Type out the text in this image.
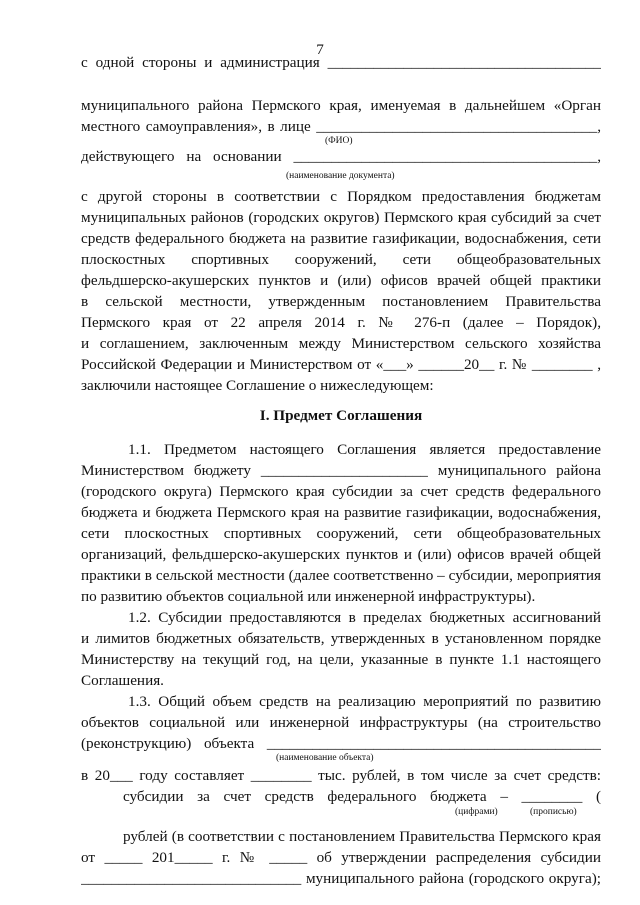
7
с одной стороны и администрация ____________________________________
муниципального района Пермского края, именуемая в дальнейшем «Орган
местного самоуправления», в лице _____________________________________,
(ФИО)
действующего на основании ________________________________________,
(наименование документа)
с другой стороны в соответствии с Порядком предоставления бюджетам
муниципальных районов (городских округов) Пермского края субсидий за счет
средств федерального бюджета на развитие газификации, водоснабжения, сети
плоскостных спортивных сооружений, сети общеобразовательных
фельдшерско-акушерских пунктов и (или) офисов врачей общей практики
в сельской местности, утвержденным постановлением Правительства
Пермского края от 22 апреля 2014 г. № 276-п (далее – Порядок),
и соглашением, заключенным между Министерством сельского хозяйства
Российской Федерации и Министерством от «___» ______20__ г. № ________ ,
заключили настоящее Соглашение о нижеследующем:
I. Предмет Соглашения
1.1. Предметом настоящего Соглашения является предоставление
Министерством бюджету ______________________ муниципального района
(городского округа) Пермского края субсидии за счет средств федерального
бюджета и бюджета Пермского края на развитие газификации, водоснабжения,
сети плоскостных спортивных сооружений, сети общеобразовательных
организаций, фельдшерско-акушерских пунктов и (или) офисов врачей общей
практики в сельской местности (далее соответственно – субсидии, мероприятия
по развитию объектов социальной или инженерной инфраструктуры).
1.2. Субсидии предоставляются в пределах бюджетных ассигнований
и лимитов бюджетных обязательств, утвержденных в установленном порядке
Министерству на текущий год, на цели, указанные в пункте 1.1 настоящего
Соглашения.
1.3. Общий объем средств на реализацию мероприятий по развитию
объектов социальной или инженерной инфраструктуры (на строительство
(реконструкцию) объекта ____________________________________________
(наименование объекта)
в 20___ году составляет ________ тыс. рублей, в том числе за счет средств:
субсидии за счет средств федерального бюджета – ________ (
(цифрами)	(прописью)
рублей (в соответствии с постановлением Правительства Пермского края
от _____ 201_____ г. № _____ об утверждении распределения субсидии
_____________________________ муниципального района (городского округа);
